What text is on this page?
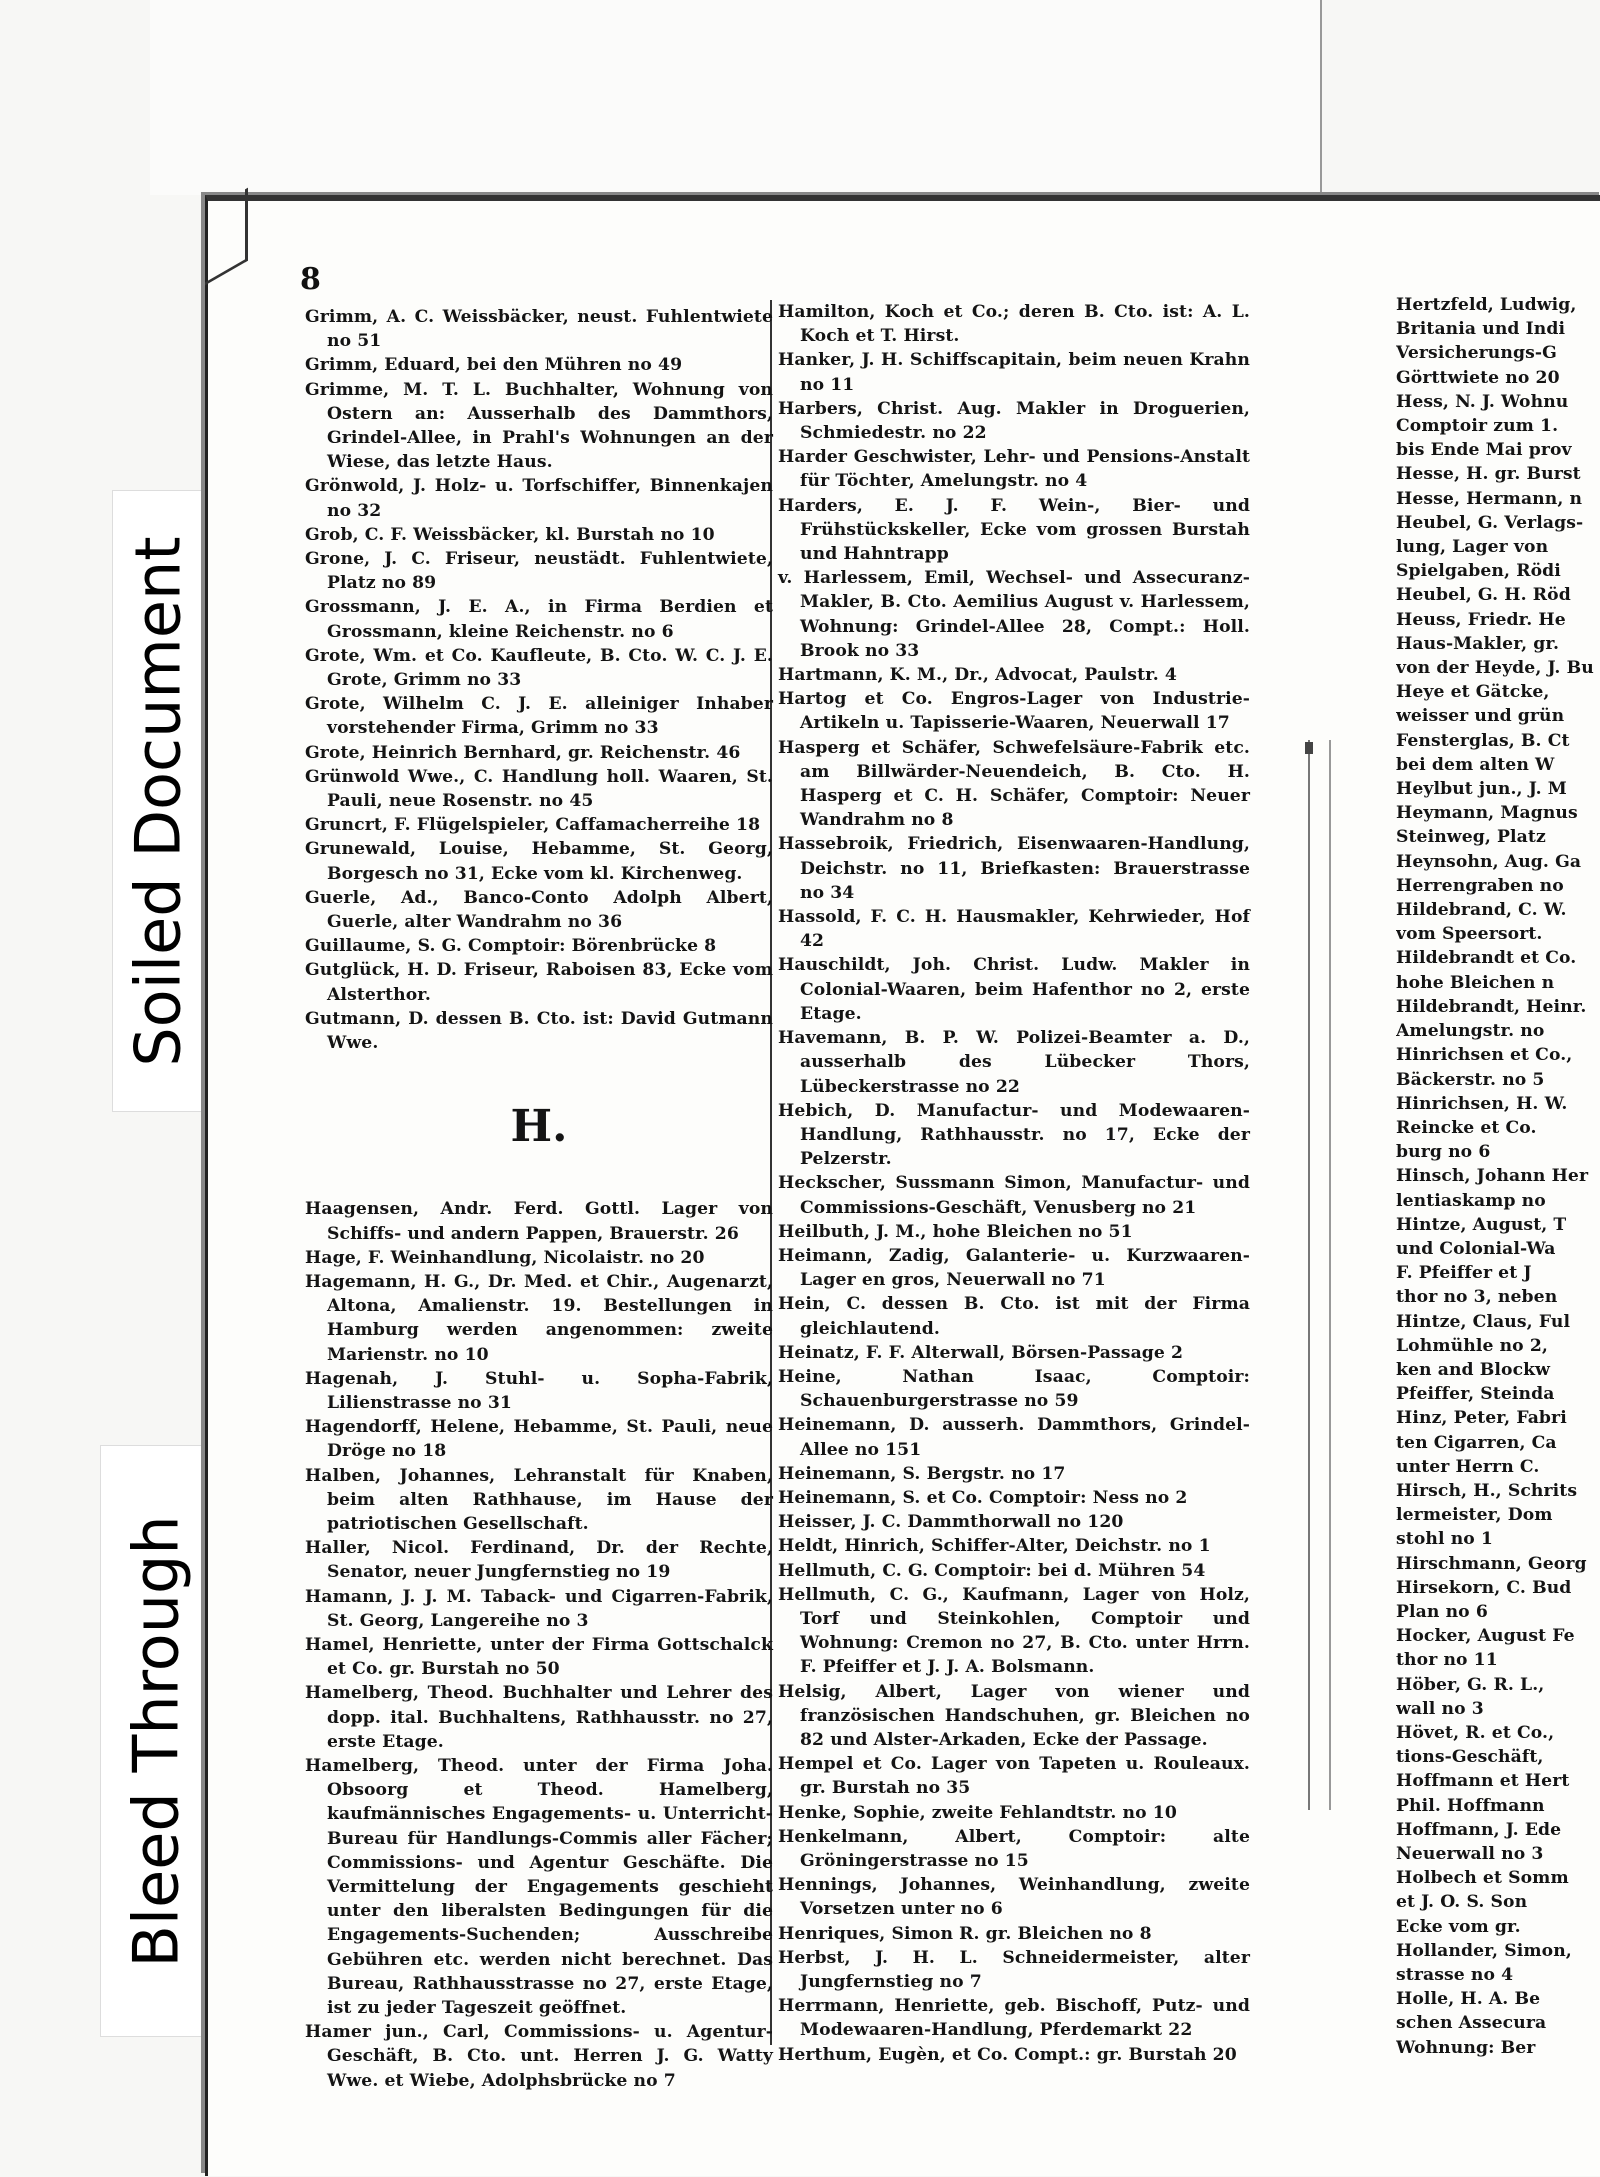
Soiled Document
Bleed Through
8
Grimm, A. C. Weissbäcker, neust. Fuhlentwiete no 51
Grimm, Eduard, bei den Mühren no 49
Grimme, M. T. L. Buchhalter, Wohnung von Ostern an: Ausserhalb des Dammthors, Grindel-Allee, in Prahl's Wohnungen an der Wiese, das letzte Haus.
Grönwold, J. Holz- u. Torfschiffer, Binnenkajen no 32
Grob, C. F. Weissbäcker, kl. Burstah no 10
Grone, J. C. Friseur, neustädt. Fuhlentwiete, Platz no 89
Grossmann, J. E. A., in Firma Berdien et Grossmann, kleine Reichenstr. no 6
Grote, Wm. et Co. Kaufleute, B. Cto. W. C. J. E. Grote, Grimm no 33
Grote, Wilhelm C. J. E. alleiniger Inhaber vorstehender Firma, Grimm no 33
Grote, Heinrich Bernhard, gr. Reichenstr. 46
Grünwold Wwe., C. Handlung holl. Waaren, St. Pauli, neue Rosenstr. no 45
Gruncrt, F. Flügelspieler, Caffamacherreihe 18
Grunewald, Louise, Hebamme, St. Georg, Borgesch no 31, Ecke vom kl. Kirchenweg.
Guerle, Ad., Banco-Conto Adolph Albert, Guerle, alter Wandrahm no 36
Guillaume, S. G. Comptoir: Börenbrücke 8
Gutglück, H. D. Friseur, Raboisen 83, Ecke vom Alsterthor.
Gutmann, D. dessen B. Cto. ist: David Gutmann Wwe.
H.
Haagensen, Andr. Ferd. Gottl. Lager von Schiffs- und andern Pappen, Brauerstr. 26
Hage, F. Weinhandlung, Nicolaistr. no 20
Hagemann, H. G., Dr. Med. et Chir., Augenarzt, Altona, Amalienstr. 19. Bestellungen in Hamburg werden angenommen: zweite Marienstr. no 10
Hagenah, J. Stuhl- u. Sopha-Fabrik, Lilienstrasse no 31
Hagendorff, Helene, Hebamme, St. Pauli, neue Dröge no 18
Halben, Johannes, Lehranstalt für Knaben, beim alten Rathhause, im Hause der patriotischen Gesellschaft.
Haller, Nicol. Ferdinand, Dr. der Rechte, Senator, neuer Jungfernstieg no 19
Hamann, J. J. M. Taback- und Cigarren-Fabrik, St. Georg, Langereihe no 3
Hamel, Henriette, unter der Firma Gottschalck et Co. gr. Burstah no 50
Hamelberg, Theod. Buchhalter und Lehrer des dopp. ital. Buchhaltens, Rathhausstr. no 27, erste Etage.
Hamelberg, Theod. unter der Firma Joha. Obsoorg et Theod. Hamelberg, kaufmännisches Engagements- u. Unterricht-Bureau für Handlungs-Commis aller Fächer; Commissions- und Agentur Geschäfte. Die Vermittelung der Engagements geschieht unter den liberalsten Bedingungen für die Engagements-Suchenden; Ausschreibe Gebühren etc. werden nicht berechnet. Das Bureau, Rathhausstrasse no 27, erste Etage, ist zu jeder Tageszeit geöffnet.
Hamer jun., Carl, Commissions- u. Agentur-Geschäft, B. Cto. unt. Herren J. G. Watty Wwe. et Wiebe, Adolphsbrücke no 7
Hamilton, Koch et Co.; deren B. Cto. ist: A. L. Koch et T. Hirst.
Hanker, J. H. Schiffscapitain, beim neuen Krahn no 11
Harbers, Christ. Aug. Makler in Droguerien, Schmiedestr. no 22
Harder Geschwister, Lehr- und Pensions-Anstalt für Töchter, Amelungstr. no 4
Harders, E. J. F. Wein-, Bier- und Frühstückskeller, Ecke vom grossen Burstah und Hahntrapp
v. Harlessem, Emil, Wechsel- und Assecuranz-Makler, B. Cto. Aemilius August v. Harlessem, Wohnung: Grindel-Allee 28, Compt.: Holl. Brook no 33
Hartmann, K. M., Dr., Advocat, Paulstr. 4
Hartog et Co. Engros-Lager von Industrie-Artikeln u. Tapisserie-Waaren, Neuerwall 17
Hasperg et Schäfer, Schwefelsäure-Fabrik etc. am Billwärder-Neuendeich, B. Cto. H. Hasperg et C. H. Schäfer, Comptoir: Neuer Wandrahm no 8
Hassebroik, Friedrich, Eisenwaaren-Handlung, Deichstr. no 11, Briefkasten: Brauerstrasse no 34
Hassold, F. C. H. Hausmakler, Kehrwieder, Hof 42
Hauschildt, Joh. Christ. Ludw. Makler in Colonial-Waaren, beim Hafenthor no 2, erste Etage.
Havemann, B. P. W. Polizei-Beamter a. D., ausserhalb des Lübecker Thors, Lübeckerstrasse no 22
Hebich, D. Manufactur- und Modewaaren-Handlung, Rathhausstr. no 17, Ecke der Pelzerstr.
Heckscher, Sussmann Simon, Manufactur- und Commissions-Geschäft, Venusberg no 21
Heilbuth, J. M., hohe Bleichen no 51
Heimann, Zadig, Galanterie- u. Kurzwaaren-Lager en gros, Neuerwall no 71
Hein, C. dessen B. Cto. ist mit der Firma gleichlautend.
Heinatz, F. F. Alterwall, Börsen-Passage 2
Heine, Nathan Isaac, Comptoir: Schauenburgerstrasse no 59
Heinemann, D. ausserh. Dammthors, Grindel-Allee no 151
Heinemann, S. Bergstr. no 17
Heinemann, S. et Co. Comptoir: Ness no 2
Heisser, J. C. Dammthorwall no 120
Heldt, Hinrich, Schiffer-Alter, Deichstr. no 1
Hellmuth, C. G. Comptoir: bei d. Mühren 54
Hellmuth, C. G., Kaufmann, Lager von Holz, Torf und Steinkohlen, Comptoir und Wohnung: Cremon no 27, B. Cto. unter Hrrn. F. Pfeiffer et J. J. A. Bolsmann.
Helsig, Albert, Lager von wiener und französischen Handschuhen, gr. Bleichen no 82 und Alster-Arkaden, Ecke der Passage.
Hempel et Co. Lager von Tapeten u. Rouleaux. gr. Burstah no 35
Henke, Sophie, zweite Fehlandtstr. no 10
Henkelmann, Albert, Comptoir: alte Gröningerstrasse no 15
Hennings, Johannes, Weinhandlung, zweite Vorsetzen unter no 6
Henriques, Simon R. gr. Bleichen no 8
Herbst, J. H. L. Schneidermeister, alter Jungfernstieg no 7
Herrmann, Henriette, geb. Bischoff, Putz- und Modewaaren-Handlung, Pferdemarkt 22
Herthum, Eugèn, et Co. Compt.: gr. Burstah 20
Hertzfeld, Ludwig,
Britania und Indi
Versicherungs-G
Görttwiete no 20
Hess, N. J. Wohnu
Comptoir zum 1.
bis Ende Mai prov
Hesse, H. gr. Burst
Hesse, Hermann, n
Heubel, G. Verlags-
lung, Lager von
Spielgaben, Rödi
Heubel, G. H. Röd
Heuss, Friedr. He
Haus-Makler, gr.
von der Heyde, J. Bu
Heye et Gätcke,
weisser und grün
Fensterglas, B. Ct
bei dem alten W
Heylbut jun., J. M
Heymann, Magnus
Steinweg, Platz
Heynsohn, Aug. Ga
Herrengraben no
Hildebrand, C. W.
vom Speersort.
Hildebrandt et Co.
hohe Bleichen n
Hildebrandt, Heinr.
Amelungstr. no
Hinrichsen et Co.,
Bäckerstr. no 5
Hinrichsen, H. W.
Reincke et Co.
burg no 6
Hinsch, Johann Her
lentiaskamp no
Hintze, August, T
und Colonial-Wa
F. Pfeiffer et J
thor no 3, neben
Hintze, Claus, Ful
Lohmühle no 2,
ken and Blockw
Pfeiffer, Steinda
Hinz, Peter, Fabri
ten Cigarren, Ca
unter Herrn C.
Hirsch, H., Schrits
lermeister, Dom
stohl no 1
Hirschmann, Georg
Hirsekorn, C. Bud
Plan no 6
Hocker, August Fe
thor no 11
Höber, G. R. L.,
wall no 3
Hövet, R. et Co.,
tions-Geschäft,
Hoffmann et Hert
Phil. Hoffmann
Hoffmann, J. Ede
Neuerwall no 3
Holbech et Somm
et J. O. S. Son
Ecke vom gr.
Hollander, Simon,
strasse no 4
Holle, H. A. Be
schen Assecura
Wohnung: Ber
